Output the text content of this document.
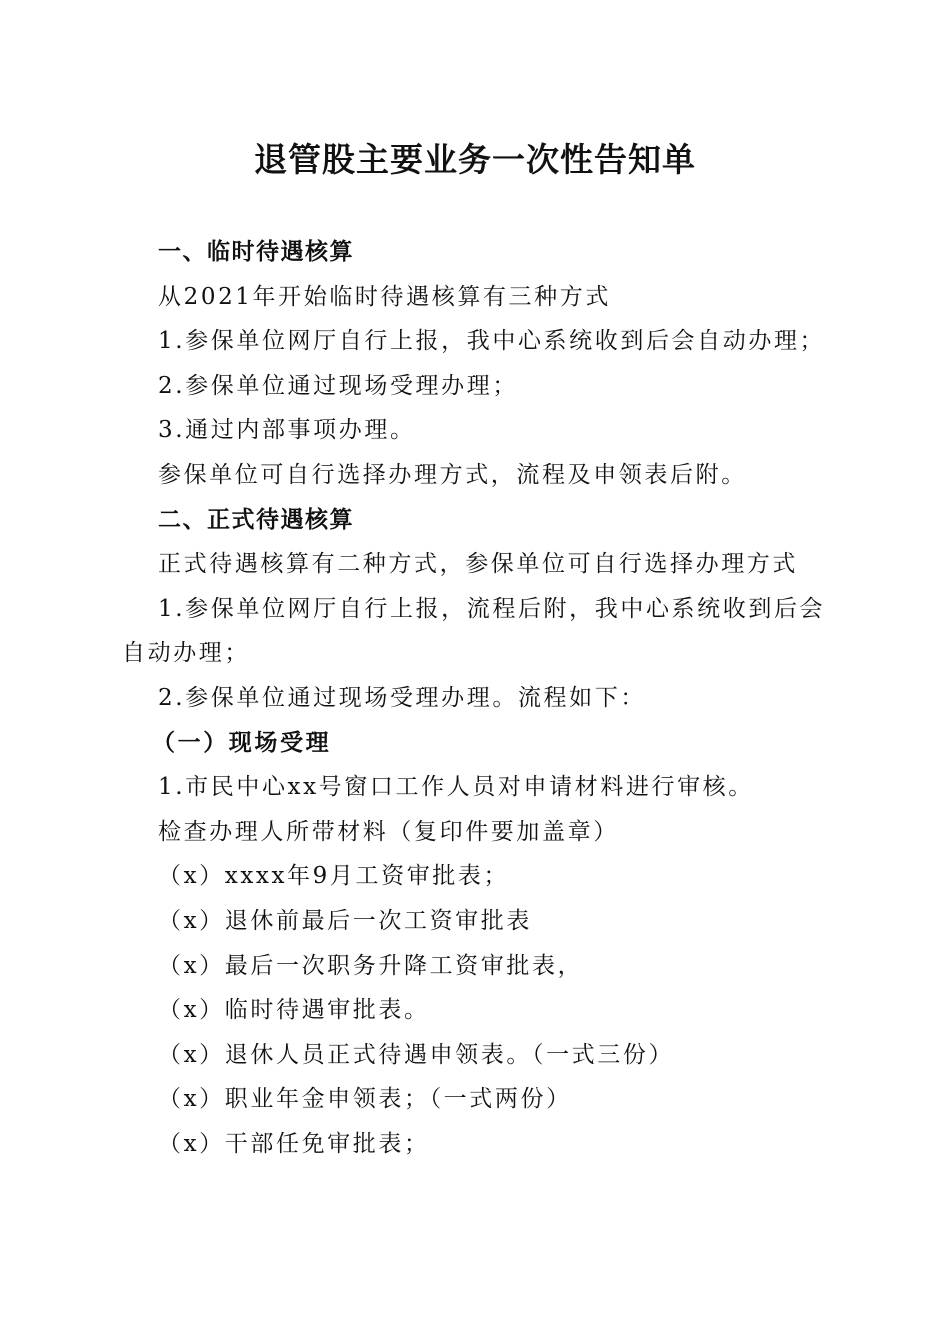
退管股主要业务一次性告知单

一、临时待遇核算

从2021年开始临时待遇核算有三种方式

1.参保单位网厅自行上报，我中心系统收到后会自动办理；

2.参保单位通过现场受理办理；

3.通过内部事项办理。

参保单位可自行选择办理方式，流程及申领表后附。

二、正式待遇核算

正式待遇核算有二种方式，参保单位可自行选择办理方式

1.参保单位网厅自行上报，流程后附，我中心系统收到后会

自动办理；

2.参保单位通过现场受理办理。流程如下：

（一）现场受理

1.市民中心xx号窗口工作人员对申请材料进行审核。

检查办理人所带材料（复印件要加盖章）

（x）xxxx年9月工资审批表；

（x）退休前最后一次工资审批表

（x）最后一次职务升降工资审批表，

（x）临时待遇审批表。

（x）退休人员正式待遇申领表。（一式三份）

（x）职业年金申领表；（一式两份）

（x）干部任免审批表；
